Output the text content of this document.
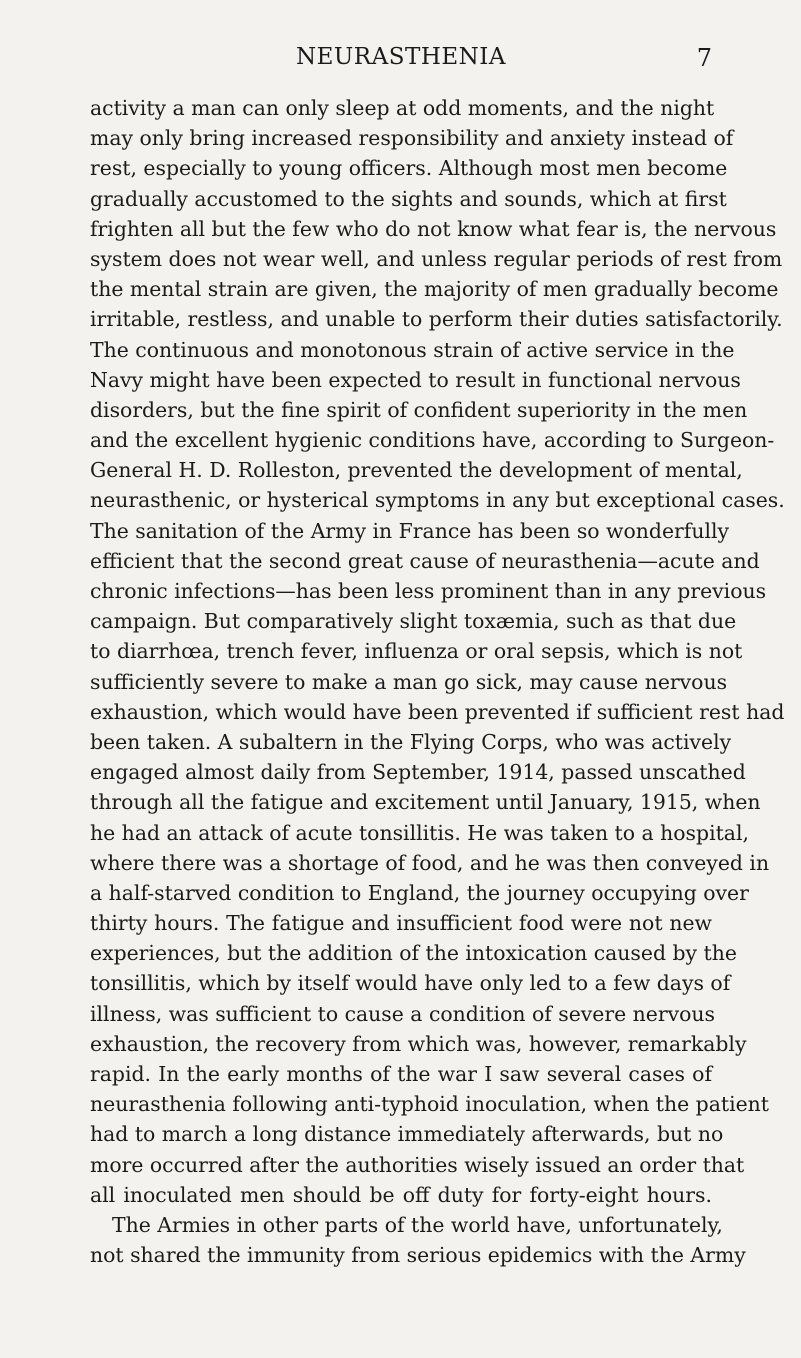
NEURASTHENIA	7
activity a man can only sleep at odd moments, and the night
may only bring increased responsibility and anxiety instead of
rest, especially to young officers. Although most men become
gradually accustomed to the sights and sounds, which at first
frighten all but the few who do not know what fear is, the nervous
system does not wear well, and unless regular periods of rest from
the mental strain are given, the majority of men gradually become
irritable, restless, and unable to perform their duties satisfactorily.
The continuous and monotonous strain of active service in the
Navy might have been expected to result in functional nervous
disorders, but the fine spirit of confident superiority in the men
and the excellent hygienic conditions have, according to Surgeon-
General H. D. Rolleston, prevented the development of mental,
neurasthenic, or hysterical symptoms in any but exceptional cases.
The sanitation of the Army in France has been so wonderfully
efficient that the second great cause of neurasthenia—acute and
chronic infections—has been less prominent than in any previous
campaign. But comparatively slight toxæmia, such as that due
to diarrhœa, trench fever, influenza or oral sepsis, which is not
sufficiently severe to make a man go sick, may cause nervous
exhaustion, which would have been prevented if sufficient rest had
been taken. A subaltern in the Flying Corps, who was actively
engaged almost daily from September, 1914, passed unscathed
through all the fatigue and excitement until January, 1915, when
he had an attack of acute tonsillitis. He was taken to a hospital,
where there was a shortage of food, and he was then conveyed in
a half-starved condition to England, the journey occupying over
thirty hours. The fatigue and insufficient food were not new
experiences, but the addition of the intoxication caused by the
tonsillitis, which by itself would have only led to a few days of
illness, was sufficient to cause a condition of severe nervous
exhaustion, the recovery from which was, however, remarkably
rapid. In the early months of the war I saw several cases of
neurasthenia following anti-typhoid inoculation, when the patient
had to march a long distance immediately afterwards, but no
more occurred after the authorities wisely issued an order that
all inoculated men should be off duty for forty-eight hours.
The Armies in other parts of the world have, unfortunately,
not shared the immunity from serious epidemics with the Army
